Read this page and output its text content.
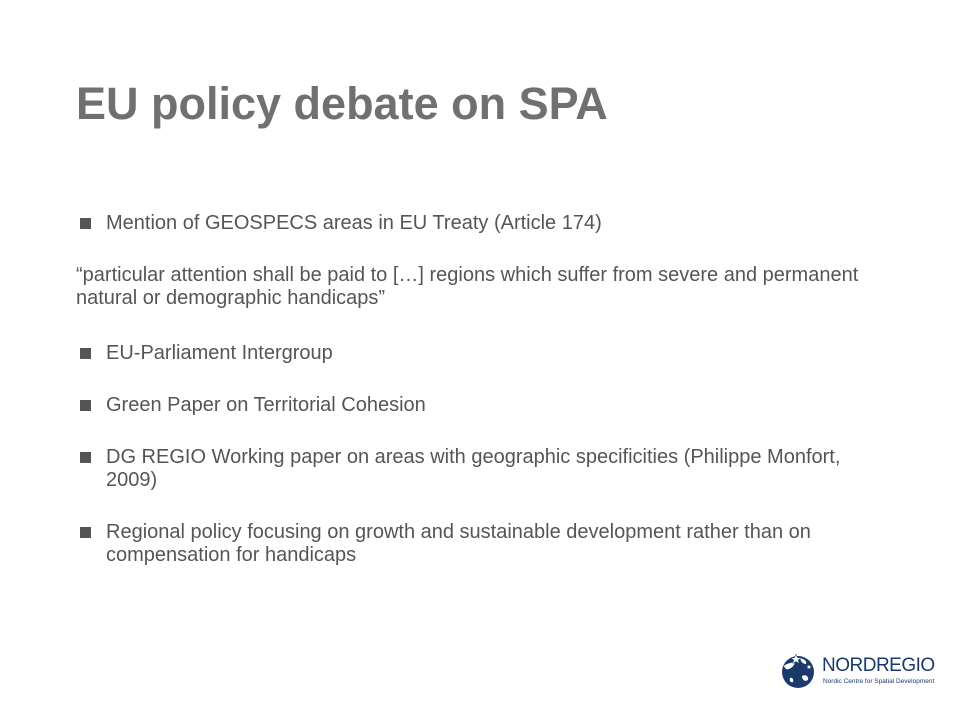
EU policy debate on SPA
Mention of GEOSPECS areas in EU Treaty (Article 174)
“particular attention shall be paid to […] regions which suffer from severe and permanent natural or demographic handicaps”
EU-Parliament Intergroup
Green Paper on Territorial Cohesion
DG REGIO Working paper on areas with geographic specificities (Philippe Monfort, 2009)
Regional policy focusing on growth and sustainable development rather than on compensation for handicaps
NORDREGIO
Nordic Centre for Spatial Development
